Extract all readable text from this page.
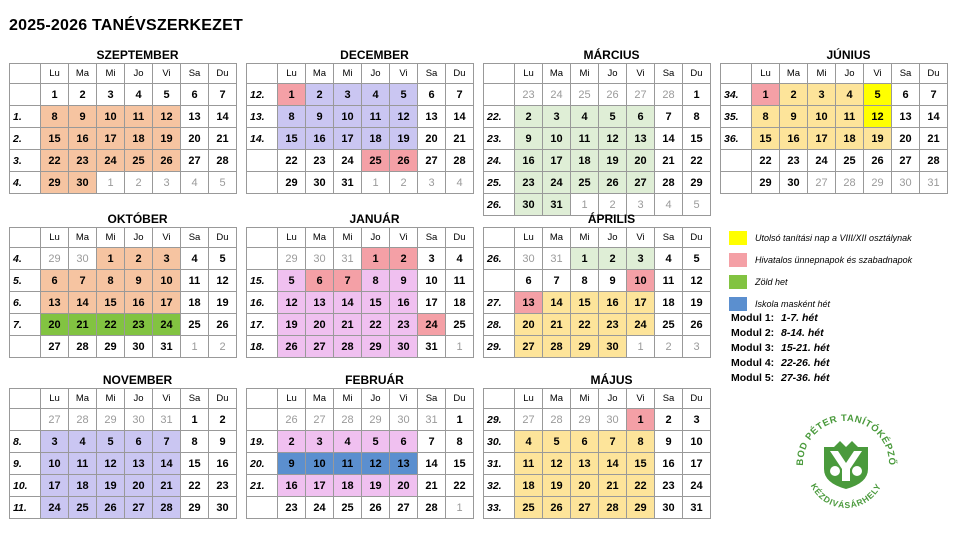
2025-2026 TANÉVSZERKEZET
SZEPTEMBER
	Lu	Ma	Mi	Jo	Vi	Sa	Du
	1	2	3	4	5	6	7
1.	8	9	10	11	12	13	14
2.	15	16	17	18	19	20	21
3.	22	23	24	25	26	27	28
4.	29	30	1	2	3	4	5
DECEMBER
	Lu	Ma	Mi	Jo	Vi	Sa	Du
12.	1	2	3	4	5	6	7
13.	8	9	10	11	12	13	14
14.	15	16	17	18	19	20	21
	22	23	24	25	26	27	28
	29	30	31	1	2	3	4
MÁRCIUS
	Lu	Ma	Mi	Jo	Vi	Sa	Du
	23	24	25	26	27	28	1
22.	2	3	4	5	6	7	8
23.	9	10	11	12	13	14	15
24.	16	17	18	19	20	21	22
25.	23	24	25	26	27	28	29
26.	30	31	1	2	3	4	5
JÚNIUS
	Lu	Ma	Mi	Jo	Vi	Sa	Du
34.	1	2	3	4	5	6	7
35.	8	9	10	11	12	13	14
36.	15	16	17	18	19	20	21
	22	23	24	25	26	27	28
	29	30	27	28	29	30	31
OKTÓBER
	Lu	Ma	Mi	Jo	Vi	Sa	Du
4.	29	30	1	2	3	4	5
5.	6	7	8	9	10	11	12
6.	13	14	15	16	17	18	19
7.	20	21	22	23	24	25	26
	27	28	29	30	31	1	2
JANUÁR
	Lu	Ma	Mi	Jo	Vi	Sa	Du
	29	30	31	1	2	3	4
15.	5	6	7	8	9	10	11
16.	12	13	14	15	16	17	18
17.	19	20	21	22	23	24	25
18.	26	27	28	29	30	31	1
ÁPRILIS
	Lu	Ma	Mi	Jo	Vi	Sa	Du
26.	30	31	1	2	3	4	5
	6	7	8	9	10	11	12
27.	13	14	15	16	17	18	19
28.	20	21	22	23	24	25	26
29.	27	28	29	30	1	2	3
NOVEMBER
	Lu	Ma	Mi	Jo	Vi	Sa	Du
	27	28	29	30	31	1	2
8.	3	4	5	6	7	8	9
9.	10	11	12	13	14	15	16
10.	17	18	19	20	21	22	23
11.	24	25	26	27	28	29	30
FEBRUÁR
	Lu	Ma	Mi	Jo	Vi	Sa	Du
	26	27	28	29	30	31	1
19.	2	3	4	5	6	7	8
20.	9	10	11	12	13	14	15
21.	16	17	18	19	20	21	22
	23	24	25	26	27	28	1
MÁJUS
	Lu	Ma	Mi	Jo	Vi	Sa	Du
29.	27	28	29	30	1	2	3
30.	4	5	6	7	8	9	10
31.	11	12	13	14	15	16	17
32.	18	19	20	21	22	23	24
33.	25	26	27	28	29	30	31
Utolsó tanítási nap a VIII/XII osztálynak
Hivatalos ünnepnapok és szabadnapok
Zöld het
Iskola masként hét
Modul 1: 1-7. hét
Modul 2: 8-14. hét
Modul 3: 15-21. hét
Modul 4: 22-26. hét
Modul 5: 27-36. hét
BOD PÉTER TANÍTÓKÉPZŐ
KÉZDIVÁSÁRHELY
